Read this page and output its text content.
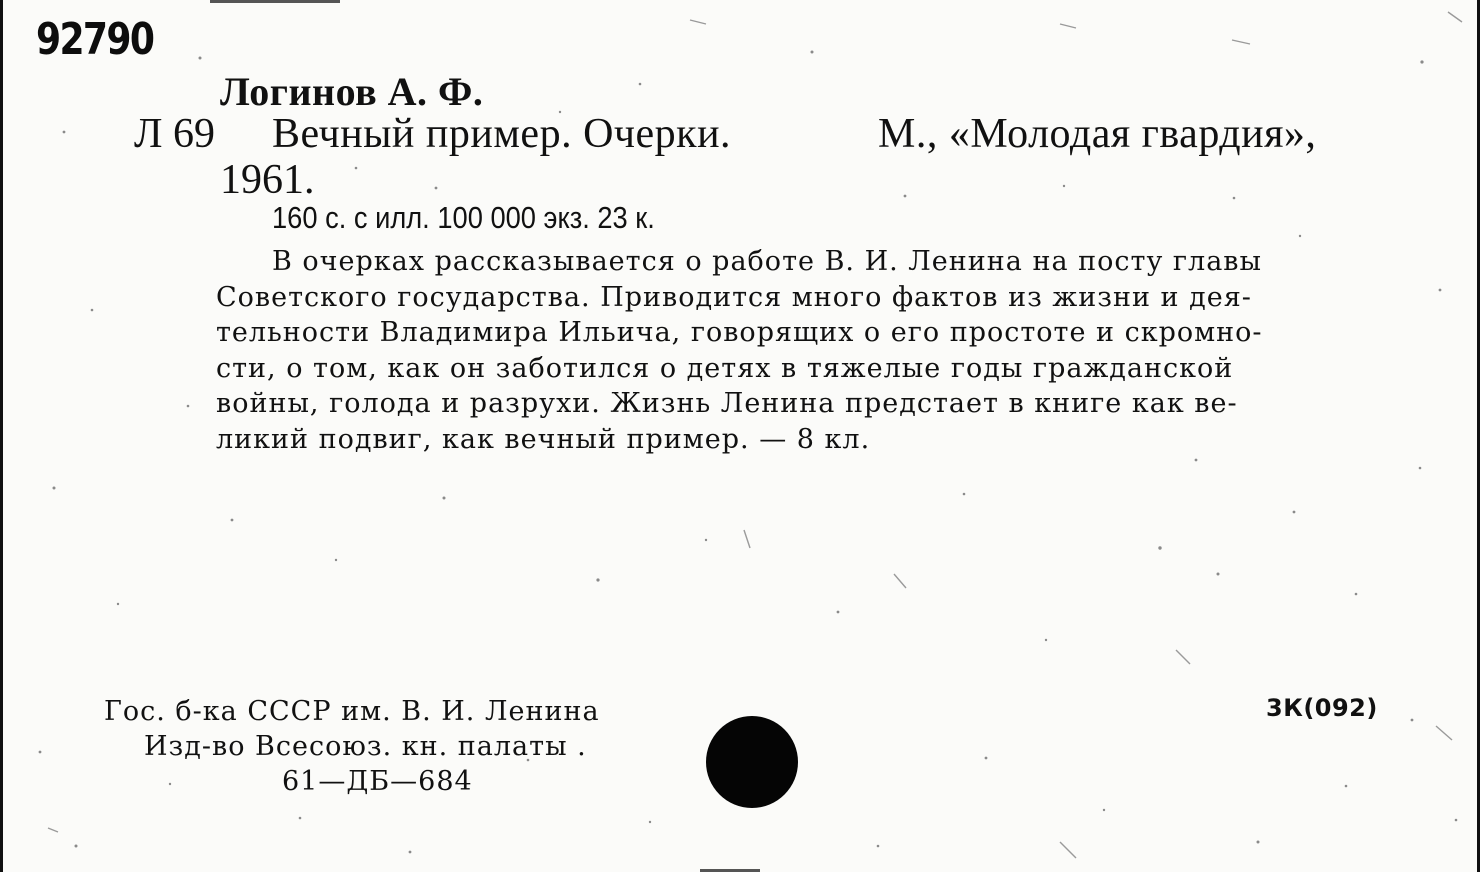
92790
Логинов А. Ф.
Л 69 Вечный пример. Очерки.	М., «Молодая гвардия»,
1961.
160 с. с илл. 100 000 экз. 23 к.
В очерках рассказывается о работе В. И. Ленина на посту главы
Советского государства. Приводится много фактов из жизни и дея-
тельности Владимира Ильича, говорящих о его простоте и скромно-
сти, о том, как он заботился о детях в тяжелые годы гражданской
войны, голода и разрухи. Жизнь Ленина предстает в книге как ве-
ликий подвиг, как вечный пример. — 8 кл.
Гос. б-ка СССР им. В. И. Ленина
Изд-во Всесоюз. кн. палаты .
61—ДБ—684
3К(092)
